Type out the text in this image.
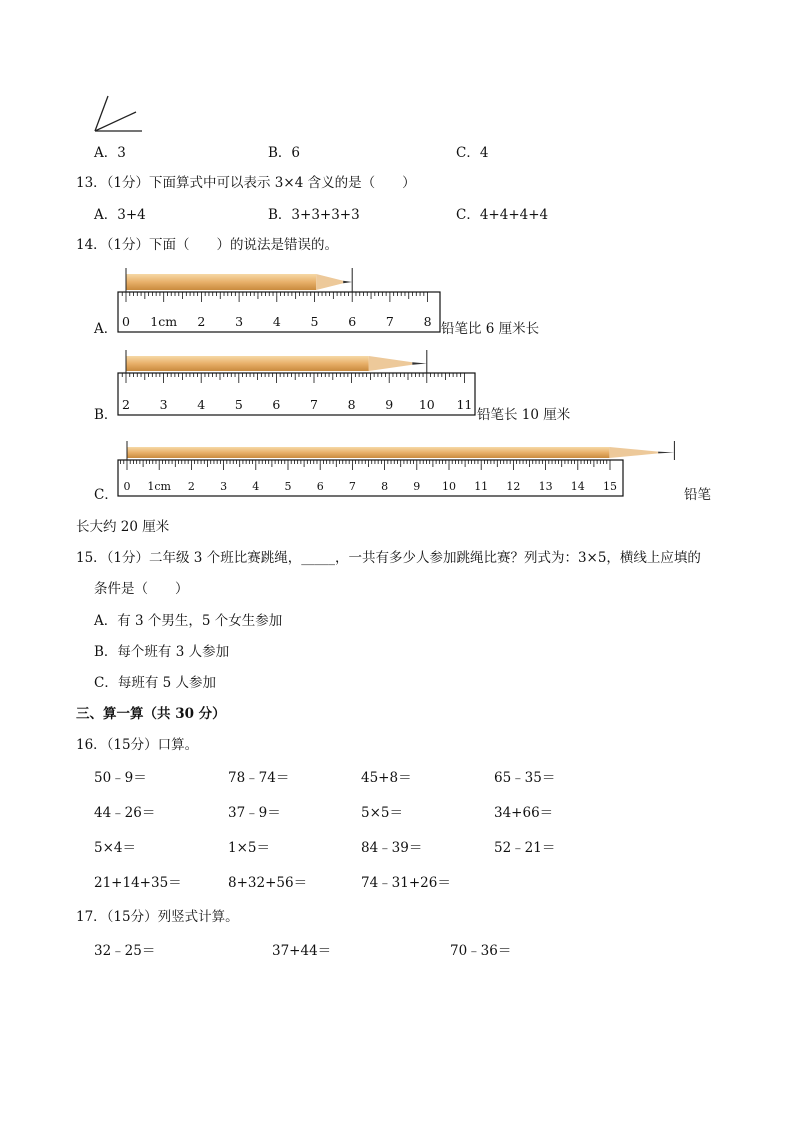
A．3	B．6	C．4
13．（1分）下面算式中可以表示 3×4 含义的是（　　）
A．3+4	B．3+3+3+3	C．4+4+4+4
14．（1分）下面（　　）的说法是错误的。
A． 0 1cm 2 3 4 5 6 7 8 铅笔比 6 厘米长
B．
2 3 4 5 6 7 8 9 10 11
铅笔长 10 厘米
C．
0 1cm 2 3 4 5 6 7 8 9 10 11 12 13 14 15
铅笔
长大约 20 厘米
15．（1分）二年级 3 个班比赛跳绳，_____，一共有多少人参加跳绳比赛？列式为：3×5，横线上应填的
条件是（　　）
A．有 3 个男生，5 个女生参加
B．每个班有 3 人参加
C．每班有 5 人参加
三、算一算（共 30 分）
16．（15分）口算。
50﹣9＝	78﹣74＝	45+8＝	65﹣35＝
44﹣26＝	37﹣9＝	5×5＝	34+66＝
5×4＝	1×5＝	84﹣39＝	52﹣21＝
21+14+35＝	8+32+56＝	74﹣31+26＝
17．（15分）列竖式计算。
32﹣25＝	37+44＝	70﹣36＝
